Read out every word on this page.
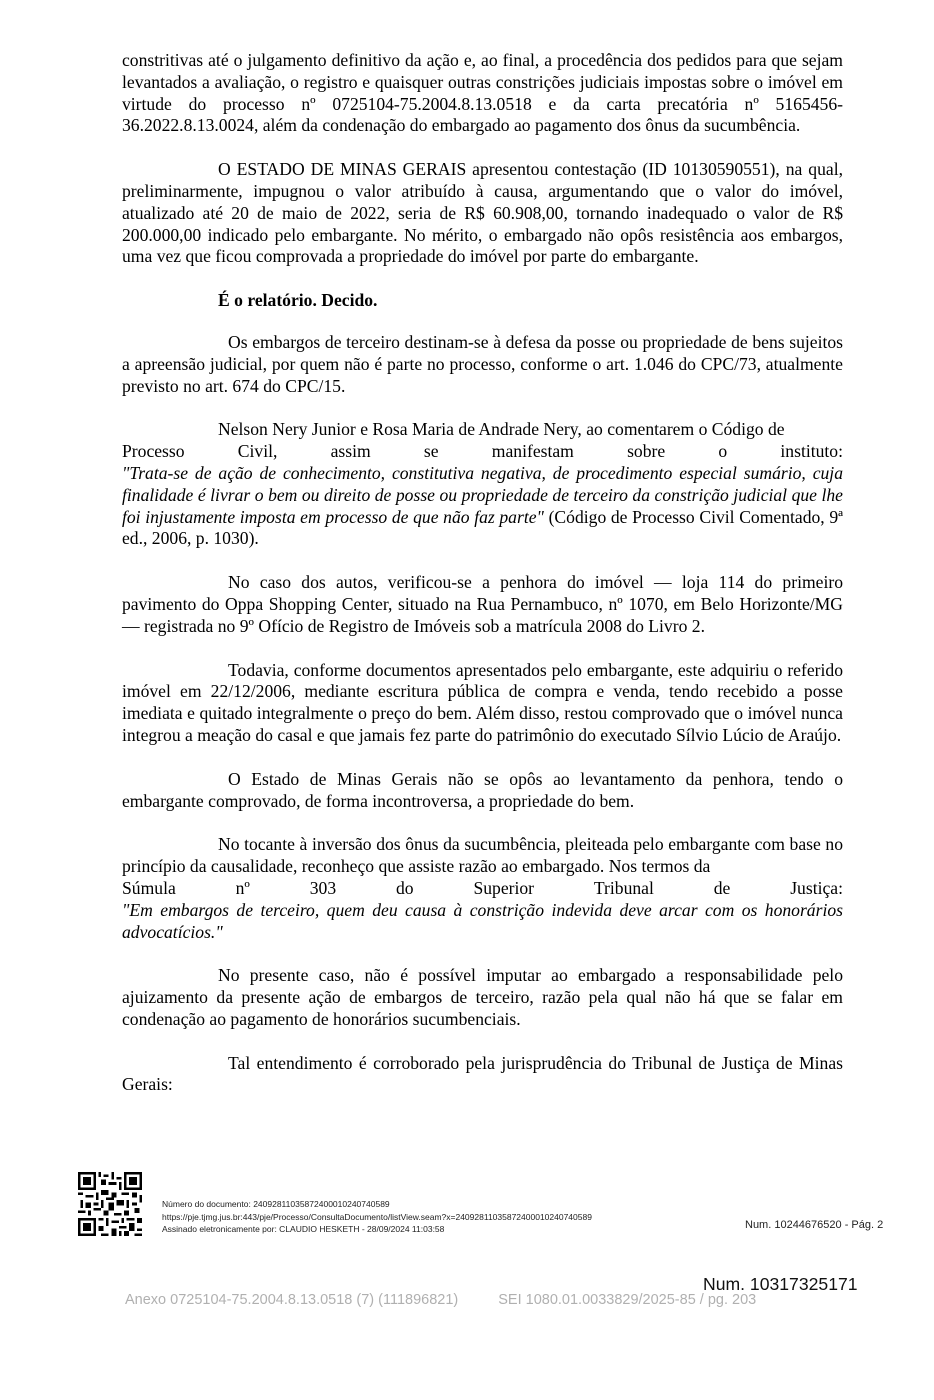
constritivas até o julgamento definitivo da ação e, ao final, a procedência dos pedidos para que sejam levantados a avaliação, o registro e quaisquer outras constrições judiciais impostas sobre o imóvel em virtude do processo nº 0725104-75.2004.8.13.0518 e da carta precatória nº 5165456-36.2022.8.13.0024, além da condenação do embargado ao pagamento dos ônus da sucumbência.

O ESTADO DE MINAS GERAIS apresentou contestação (ID 10130590551), na qual, preliminarmente, impugnou o valor atribuído à causa, argumentando que o valor do imóvel, atualizado até 20 de maio de 2022, seria de R$ 60.908,00, tornando inadequado o valor de R$ 200.000,00 indicado pelo embargante. No mérito, o embargado não opôs resistência aos embargos, uma vez que ficou comprovada a propriedade do imóvel por parte do embargante.

É o relatório. Decido.

Os embargos de terceiro destinam-se à defesa da posse ou propriedade de bens sujeitos a apreensão judicial, por quem não é parte no processo, conforme o art. 1.046 do CPC/73, atualmente previsto no art. 674 do CPC/15.

Nelson Nery Junior e Rosa Maria de Andrade Nery, ao comentarem o Código de
Processo	Civil,	assim	se	manifestam	sobre	o	instituto:
"Trata-se de ação de conhecimento, constitutiva negativa, de procedimento especial sumário, cuja finalidade é livrar o bem ou direito de posse ou propriedade de terceiro da constrição judicial que lhe foi injustamente imposta em processo de que não faz parte" (Código de Processo Civil Comentado, 9ª ed., 2006, p. 1030).

No caso dos autos, verificou-se a penhora do imóvel — loja 114 do primeiro pavimento do Oppa Shopping Center, situado na Rua Pernambuco, nº 1070, em Belo Horizonte/MG — registrada no 9º Ofício de Registro de Imóveis sob a matrícula 2008 do Livro 2.

Todavia, conforme documentos apresentados pelo embargante, este adquiriu o referido imóvel em 22/12/2006, mediante escritura pública de compra e venda, tendo recebido a posse imediata e quitado integralmente o preço do bem. Além disso, restou comprovado que o imóvel nunca integrou a meação do casal e que jamais fez parte do patrimônio do executado Sílvio Lúcio de Araújo.

O Estado de Minas Gerais não se opôs ao levantamento da penhora, tendo o embargante comprovado, de forma incontroversa, a propriedade do bem.

No tocante à inversão dos ônus da sucumbência, pleiteada pelo embargante com base no princípio da causalidade, reconheço que assiste razão ao embargado. Nos termos da
Súmula	nº	303	do	Superior	Tribunal	de	Justiça:
"Em embargos de terceiro, quem deu causa à constrição indevida deve arcar com os honorários advocatícios."

No presente caso, não é possível imputar ao embargado a responsabilidade pelo ajuizamento da presente ação de embargos de terceiro, razão pela qual não há que se falar em condenação ao pagamento de honorários sucumbenciais.

Tal entendimento é corroborado pela jurisprudência do Tribunal de Justiça de Minas Gerais:

Número do documento: 24092811035872400010240740589
https://pje.tjmg.jus.br:443/pje/Processo/ConsultaDocumento/listView.seam?x=24092811035872400010240740589
Assinado eletronicamente por: CLAUDIO HESKETH - 28/09/2024 11:03:58	Num. 10244676520 - Pág. 2
Num. 10317325171
Anexo 0725104-75.2004.8.13.0518 (7) (111896821)	SEI 1080.01.0033829/2025-85 / pg. 203
